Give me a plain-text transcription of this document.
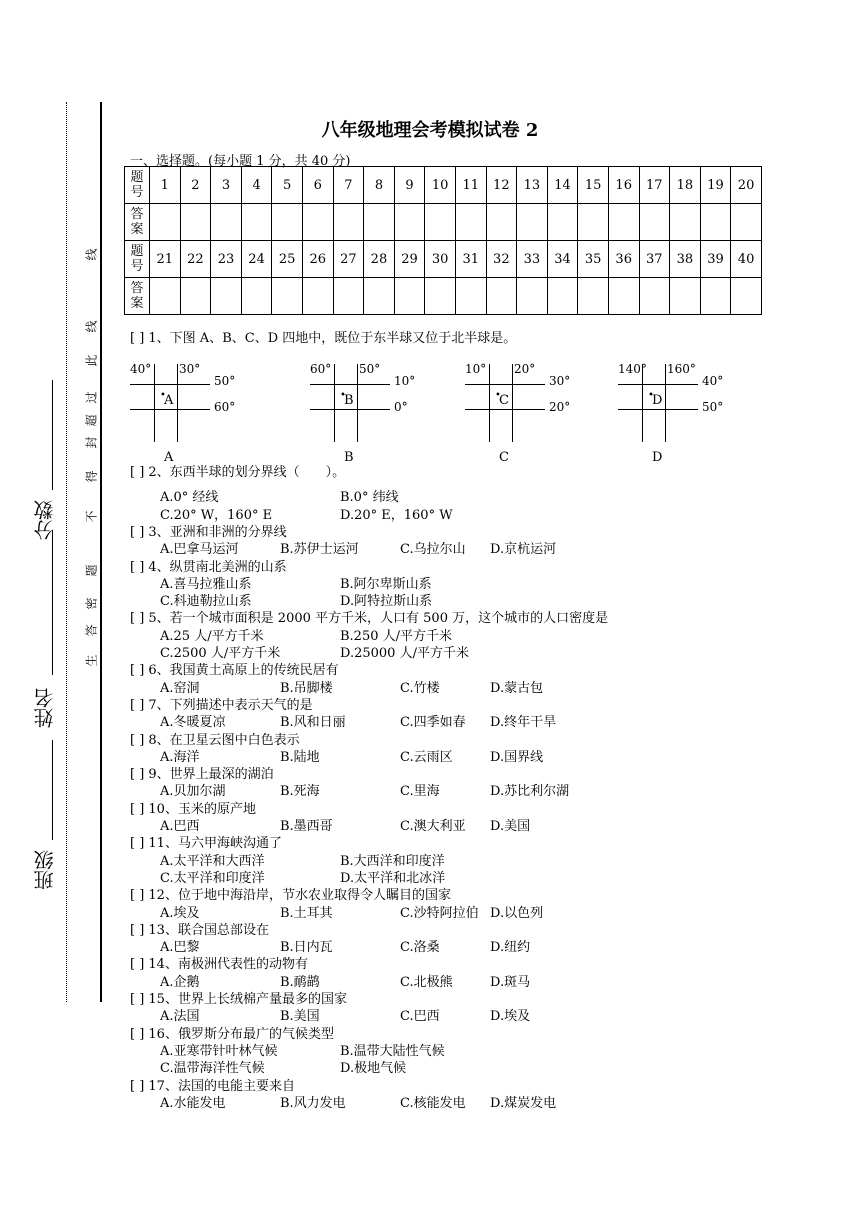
线
线
此
过
超
封
得
不
题
密
答
生
班级
姓名
分数
八年级地理会考模拟试卷 2
一、选择题。(每小题 1 分，共 40 分)
题号	1	2	3	4	5	6	7	8	9	10	11	12	13	14	15	16	17	18	19	20
答案																				
题号	21	22	23	24	25	26	27	28	29	30	31	32	33	34	35	36	37	38	39	40
答案																				
[ ] 1、下图 A、B、C、D 四地中，既位于东半球又位于北半球是。
40° 30°
50°
60°
•
A
A
60° 50°
10°
0°
•
B
B
10° 20°
30°
20°
•
C
C
140° 160°
40°
50°
•
D
D
[ ] 2、东西半球的划分界线（　　）。
A.0° 经线	B.0° 纬线
C.20° W，160° E	D.20° E，160° W
[ ] 3、亚洲和非洲的分界线
A.巴拿马运河	B.苏伊士运河	C.乌拉尔山 D.京杭运河
[ ] 4、纵贯南北美洲的山系
A.喜马拉雅山系	B.阿尔卑斯山系
C.科迪勒拉山系	D.阿特拉斯山系
[ ] 5、若一个城市面积是 2000 平方千米，人口有 500 万，这个城市的人口密度是
A.25 人/平方千米	B.250 人/平方千米
C.2500 人/平方千米	D.25000 人/平方千米
[ ] 6、我国黄土高原上的传统民居有
A.窑洞	B.吊脚楼	C.竹楼	D.蒙古包
[ ] 7、下列描述中表示天气的是
A.冬暖夏凉	B.风和日丽	C.四季如春 D.终年干旱
[ ] 8、在卫星云图中白色表示
A.海洋	B.陆地	C.云雨区	D.国界线
[ ] 9、世界上最深的湖泊
A.贝加尔湖	B.死海	C.里海	D.苏比利尔湖
[ ] 10、玉米的原产地
A.巴西	B.墨西哥	C.澳大利亚 D.美国
[ ] 11、马六甲海峡沟通了
A.太平洋和大西洋	B.大西洋和印度洋
C.太平洋和印度洋	D.太平洋和北冰洋
[ ] 12、位于地中海沿岸，节水农业取得令人瞩目的国家
A.埃及	B.土耳其	C.沙特阿拉伯 D.以色列
[ ] 13、联合国总部设在
A.巴黎	B.日内瓦	C.洛桑	D.纽约
[ ] 14、南极洲代表性的动物有
A.企鹅	B.鸸鹋	C.北极熊	D.斑马
[ ] 15、世界上长绒棉产量最多的国家
A.法国	B.美国	C.巴西	D.埃及
[ ] 16、俄罗斯分布最广的气候类型
A.亚寒带针叶林气候	B.温带大陆性气候
C.温带海洋性气候	D.极地气候
[ ] 17、法国的电能主要来自
A.水能发电	B.风力发电	C.核能发电 D.煤炭发电
